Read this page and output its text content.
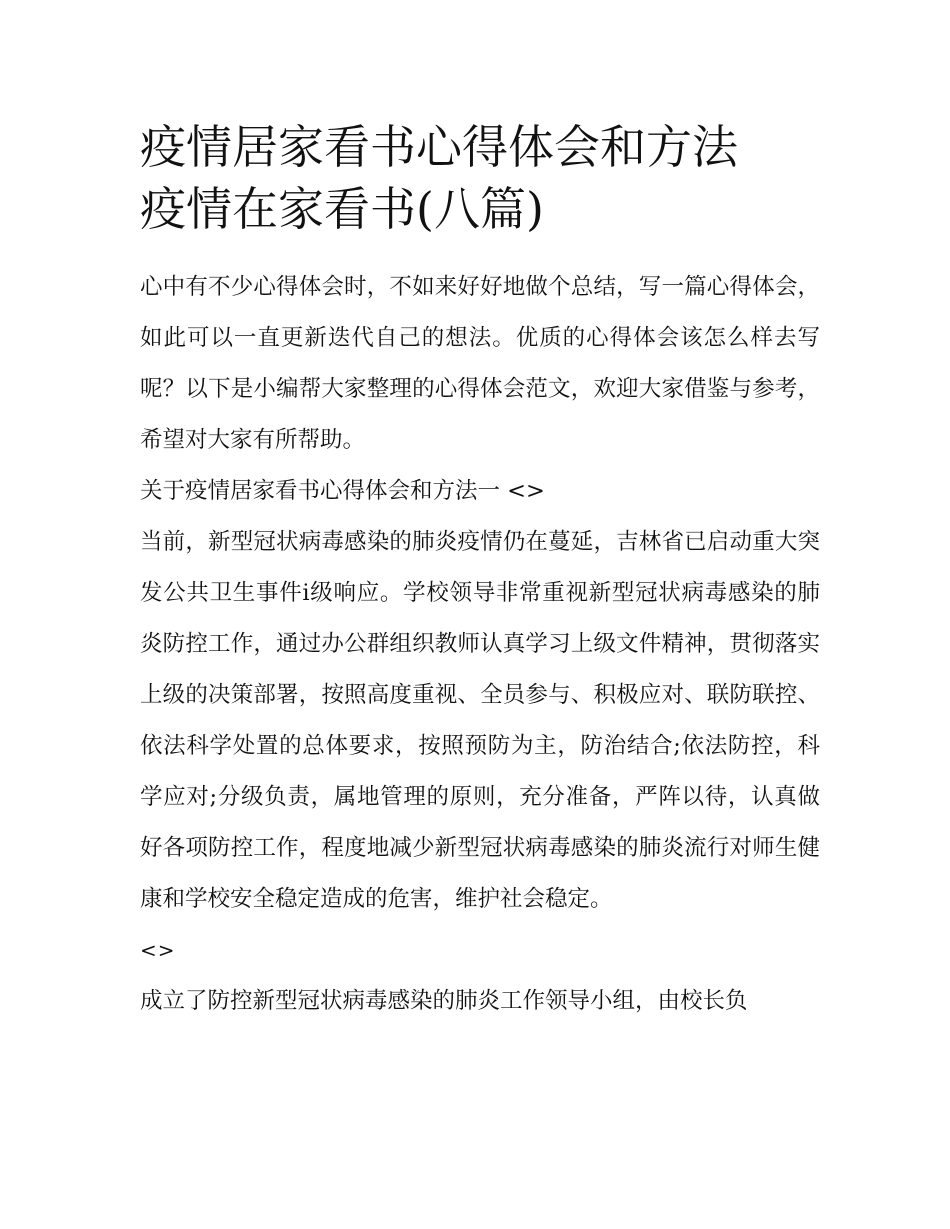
疫情居家看书心得体会和方法
疫情在家看书(八篇)

心中有不少心得体会时，不如来好好地做个总结，写一篇心得体会，如此可以一直更新迭代自己的想法。优质的心得体会该怎么样去写呢？以下是小编帮大家整理的心得体会范文，欢迎大家借鉴与参考，希望对大家有所帮助。

关于疫情居家看书心得体会和方法一 <>

当前，新型冠状病毒感染的肺炎疫情仍在蔓延，吉林省已启动重大突发公共卫生事件ⅰ级响应。学校领导非常重视新型冠状病毒感染的肺炎防控工作，通过办公群组织教师认真学习上级文件精神，贯彻落实上级的决策部署，按照高度重视、全员参与、积极应对、联防联控、依法科学处置的总体要求，按照预防为主，防治结合;依法防控，科学应对;分级负责，属地管理的原则，充分准备，严阵以待，认真做好各项防控工作，程度地减少新型冠状病毒感染的肺炎流行对师生健康和学校安全稳定造成的危害，维护社会稳定。

<>

成立了防控新型冠状病毒感染的肺炎工作领导小组，由校长负
